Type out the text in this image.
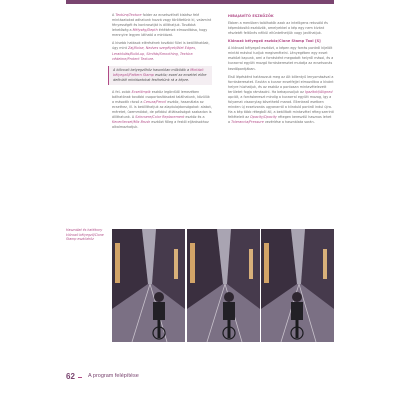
A Textúra/Texture folder az ecsetszélnél kiskész felé mintázatokat adhatunk hozzá vagy töröltetünk ki, valamint fényességét és kontrasztját is állíthatjuk. Továbbá lehetőség a Mélység/Depth értékének elmozdítása, hogy mennyire legyen látható a mintázat.

A kisebb hatások elérésének további fülei is beállíthatóak, úgy mint Zaj/Noise, Nedves szegélyek/Wet Edges, Lerakódás/Build-up, Simítás/Smoothing, Textúra védelme/Protect Texture.

A klónozó belyegzőhöz hasonlóan működik a Mintázó bélyegző/Pattern Stamp eszköz; ezzel az ecsettel előre definiált mintázatokat festhetünk rá a képre.

A fel- zolok Ecsetlimpik eszköz legördülő lemezében bálhatónak további csoportosításokat találhatunk, közülük a második rácsó a Ceruza/Pencil eszköz, használata az ecsethez, ill. is beállíthatjuk az alaptulajdonságokat: alakot, méretet, üzemmódot, de például átlátszóságot szabadon is állíthatunk. A Színcsere/Color Replacement eszköz és a Keverőecset/Mix Brush eszközt főleg a festői eljárásokhoz alkalmazhatjuk.

HIBAJAVÍTÓ ESZKÖZÖK

Ebben a menüben találhatók azok az intelligens retusáló és képmódosító eszközök, amelyekkel a kép egy nem kívánt részletét feltűnés nélkül eltüntethetjük vagy javíthatjuk.

Klónozó bélyegző eszköz/Clone Stamp Tool [S]

A klónozó bélyegző eszközt, a képen egy forrás pontról kijelölt mintát máshol tudjuk megismételni. Lényegében egy ecset eszközt kapunk, ami a forrásként megadott helyről másol, és a kurzorral együtt mozgó forráskeresztet mutatja az ecsetvonás kezdőpontjában.

Első lépésként határozzuk meg az Alt billentyű lenyomásával a forráskeresztet. Ezután a kurzor ecsetfejjel elmozdítva a kívánt helyre húzhatjuk, és az eszköz a pontosan mintavételezett területet fogja rámásolni. Ha bekapcsoljuk az Igazított/Aligned opciót, a forráskereszt mindig a kurzorral együtt mozog, így a folyamat viszonylag követhető marad. Ellenkező esetben minden új ecsetvonás ugyanarról a kiinduló pontról indul újra. Ha a kép több rétegből áll, a beállított mintavétel réteg szerinti feltételeit az Opacity/Opacity rétegen keresztül hasznos lehet a Tolerancia/Pressure vezérlése a használata során.

Használat és hatékony klónozó bélyegző/Clone Stamp eszközhöz
62 A program felépítése
